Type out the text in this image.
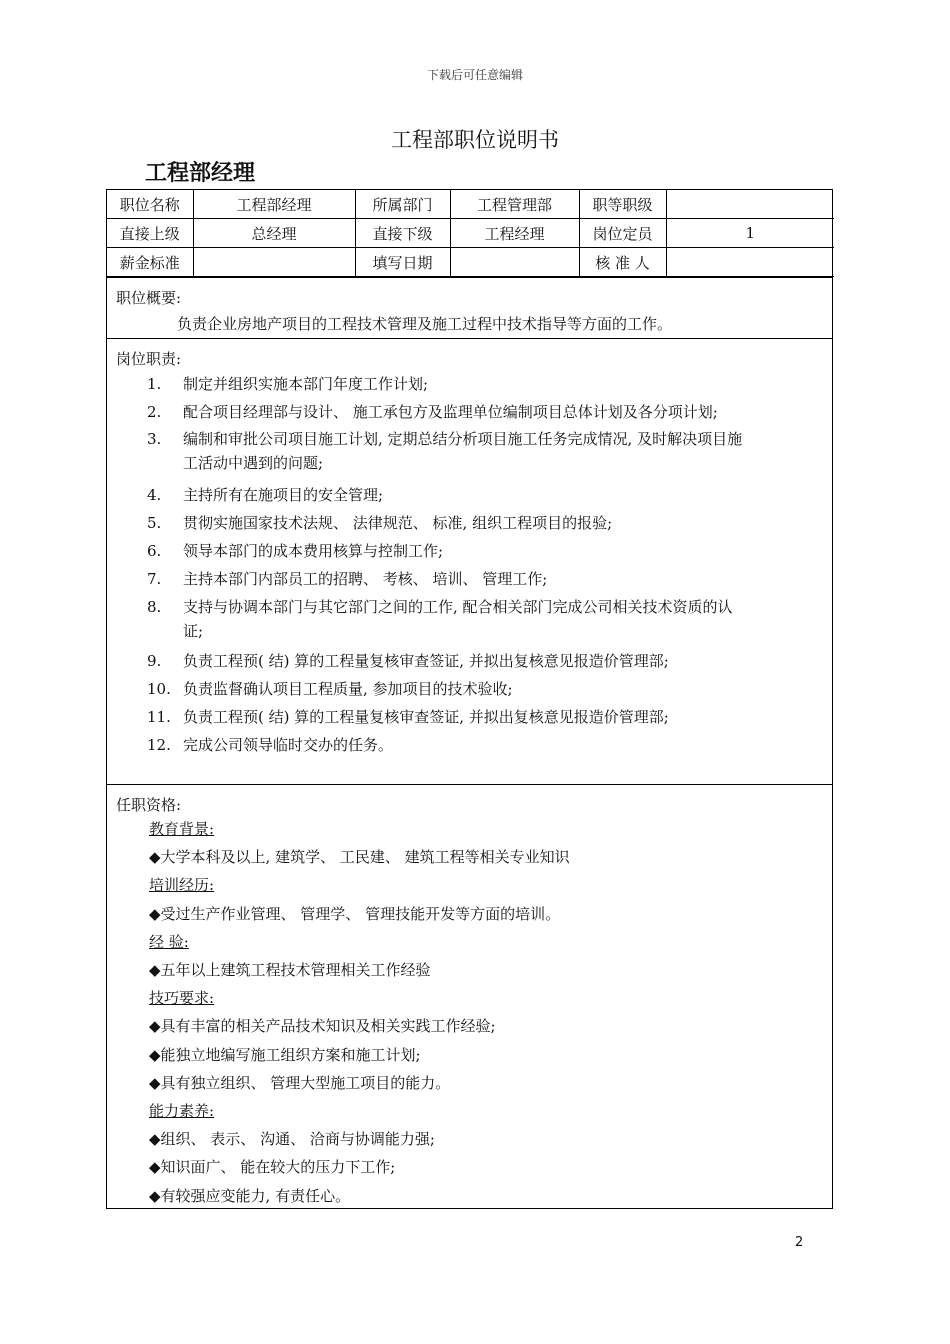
下载后可任意编辑
工程部职位说明书
工程部经理
职位名称	工程部经理	所属部门	工程管理部	职等职级	
直接上级	总经理	直接下级	工程经理	岗位定员	1
薪金标准		填写日期		核 准 人	
职位概要:
负责企业房地产项目的工程技术管理及施工过程中技术指导等方面的工作。
岗位职责:
1.	制定并组织实施本部门年度工作计划;
2.	配合项目经理部与设计、 施工承包方及监理单位编制项目总体计划及各分项计划;
3.	编制和审批公司项目施工计划, 定期总结分析项目施工任务完成情况, 及时解决项目施
工活动中遇到的问题;
4.	主持所有在施项目的安全管理;
5.	贯彻实施国家技术法规、 法律规范、 标准, 组织工程项目的报验;
6.	领导本部门的成本费用核算与控制工作;
7.	主持本部门内部员工的招聘、 考核、 培训、 管理工作;
8.	支持与协调本部门与其它部门之间的工作, 配合相关部门完成公司相关技术资质的认
证;
9.	负责工程预( 结) 算的工程量复核审查签证, 并拟出复核意见报造价管理部;
10. 负责监督确认项目工程质量, 参加项目的技术验收;
11. 负责工程预( 结) 算的工程量复核审查签证, 并拟出复核意见报造价管理部;
12. 完成公司领导临时交办的任务。
任职资格:
教育背景:
◆大学本科及以上, 建筑学、 工民建、 建筑工程等相关专业知识
培训经历:
◆受过生产作业管理、 管理学、 管理技能开发等方面的培训。
经 验:
◆五年以上建筑工程技术管理相关工作经验
技巧要求:
◆具有丰富的相关产品技术知识及相关实践工作经验;
◆能独立地编写施工组织方案和施工计划;
◆具有独立组织、 管理大型施工项目的能力。
能力素养:
◆组织、 表示、 沟通、 洽商与协调能力强;
◆知识面广、 能在较大的压力下工作;
◆有较强应变能力, 有责任心。
2
